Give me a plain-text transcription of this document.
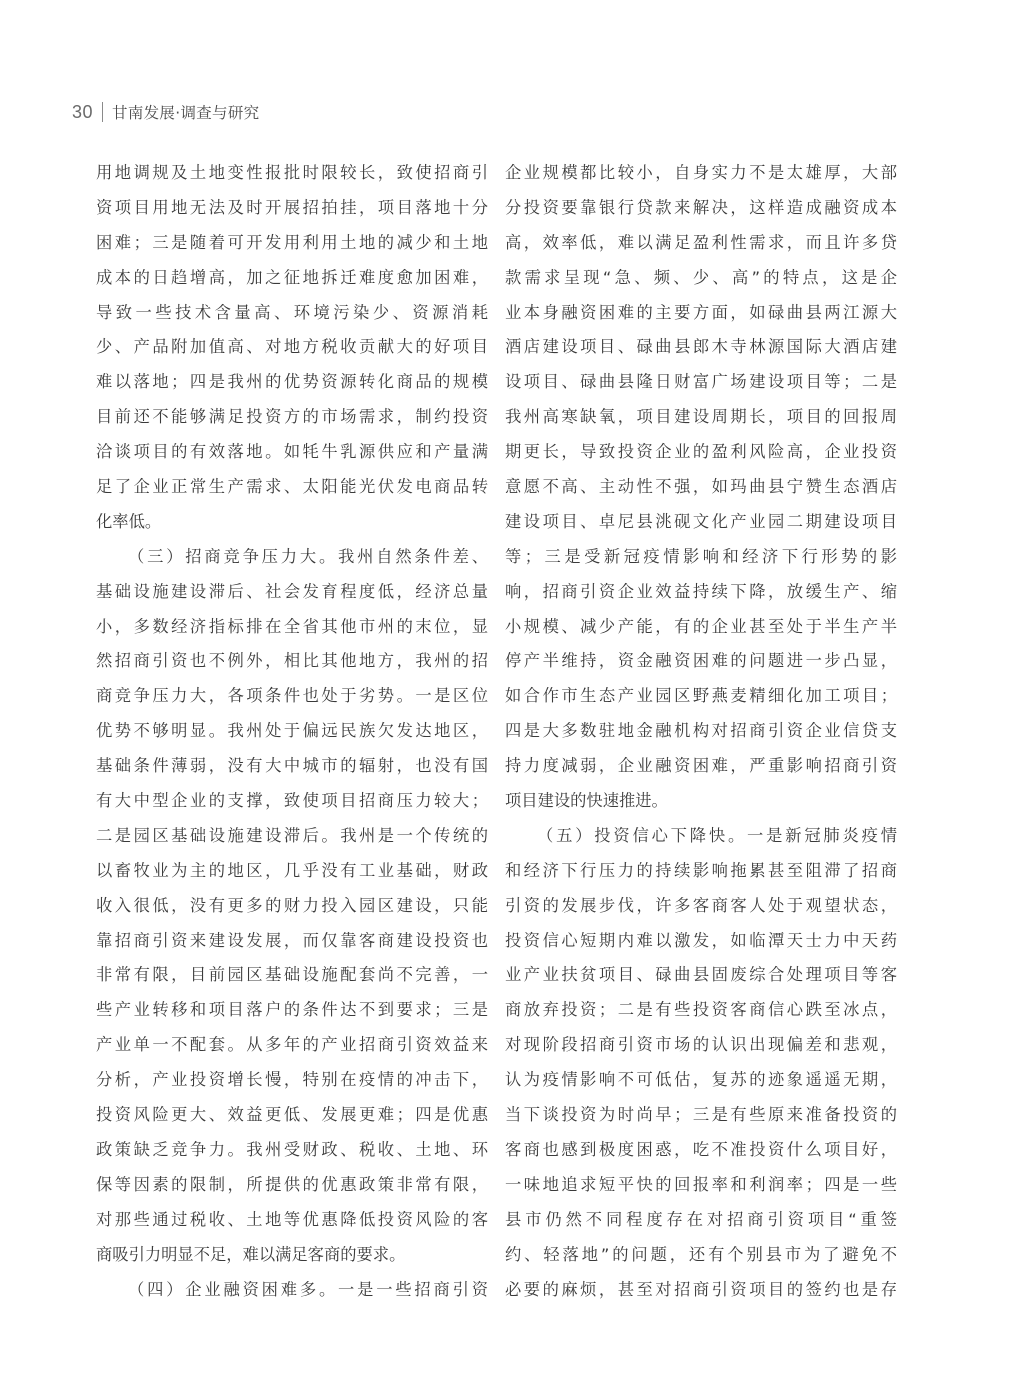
30 甘南发展·调查与研究
用地调规及土地变性报批时限较长，致使招商引
资项目用地无法及时开展招拍挂，项目落地十分
困难；三是随着可开发用利用土地的减少和土地
成本的日趋增高，加之征地拆迁难度愈加困难，
导致一些技术含量高、环境污染少、资源消耗
少、产品附加值高、对地方税收贡献大的好项目
难以落地；四是我州的优势资源转化商品的规模
目前还不能够满足投资方的市场需求，制约投资
洽谈项目的有效落地。如牦牛乳源供应和产量满
足了企业正常生产需求、太阳能光伏发电商品转
化率低。
（三）招商竞争压力大。我州自然条件差、
基础设施建设滞后、社会发育程度低，经济总量
小，多数经济指标排在全省其他市州的末位，显
然招商引资也不例外，相比其他地方，我州的招
商竞争压力大，各项条件也处于劣势。一是区位
优势不够明显。我州处于偏远民族欠发达地区，
基础条件薄弱，没有大中城市的辐射，也没有国
有大中型企业的支撑，致使项目招商压力较大；
二是园区基础设施建设滞后。我州是一个传统的
以畜牧业为主的地区，几乎没有工业基础，财政
收入很低，没有更多的财力投入园区建设，只能
靠招商引资来建设发展，而仅靠客商建设投资也
非常有限，目前园区基础设施配套尚不完善，一
些产业转移和项目落户的条件达不到要求；三是
产业单一不配套。从多年的产业招商引资效益来
分析，产业投资增长慢，特别在疫情的冲击下，
投资风险更大、效益更低、发展更难；四是优惠
政策缺乏竞争力。我州受财政、税收、土地、环
保等因素的限制，所提供的优惠政策非常有限，
对那些通过税收、土地等优惠降低投资风险的客
商吸引力明显不足，难以满足客商的要求。
（四）企业融资困难多。一是一些招商引资
企业规模都比较小，自身实力不是太雄厚，大部
分投资要靠银行贷款来解决，这样造成融资成本
高，效率低，难以满足盈利性需求，而且许多贷
款需求呈现“急、频、少、高”的特点，这是企
业本身融资困难的主要方面，如碌曲县两江源大
酒店建设项目、碌曲县郎木寺林源国际大酒店建
设项目、碌曲县隆日财富广场建设项目等；二是
我州高寒缺氧，项目建设周期长，项目的回报周
期更长，导致投资企业的盈利风险高，企业投资
意愿不高、主动性不强，如玛曲县宁赞生态酒店
建设项目、卓尼县洮砚文化产业园二期建设项目
等；三是受新冠疫情影响和经济下行形势的影
响，招商引资企业效益持续下降，放缓生产、缩
小规模、减少产能，有的企业甚至处于半生产半
停产半维持，资金融资困难的问题进一步凸显，
如合作市生态产业园区野燕麦精细化加工项目；
四是大多数驻地金融机构对招商引资企业信贷支
持力度减弱，企业融资困难，严重影响招商引资
项目建设的快速推进。
（五）投资信心下降快。一是新冠肺炎疫情
和经济下行压力的持续影响拖累甚至阻滞了招商
引资的发展步伐，许多客商客人处于观望状态，
投资信心短期内难以激发，如临潭天士力中天药
业产业扶贫项目、碌曲县固废综合处理项目等客
商放弃投资；二是有些投资客商信心跌至冰点，
对现阶段招商引资市场的认识出现偏差和悲观，
认为疫情影响不可低估，复苏的迹象遥遥无期，
当下谈投资为时尚早；三是有些原来准备投资的
客商也感到极度困惑，吃不准投资什么项目好，
一味地追求短平快的回报率和利润率；四是一些
县市仍然不同程度存在对招商引资项目“重签
约、轻落地”的问题，还有个别县市为了避免不
必要的麻烦，甚至对招商引资项目的签约也是存
